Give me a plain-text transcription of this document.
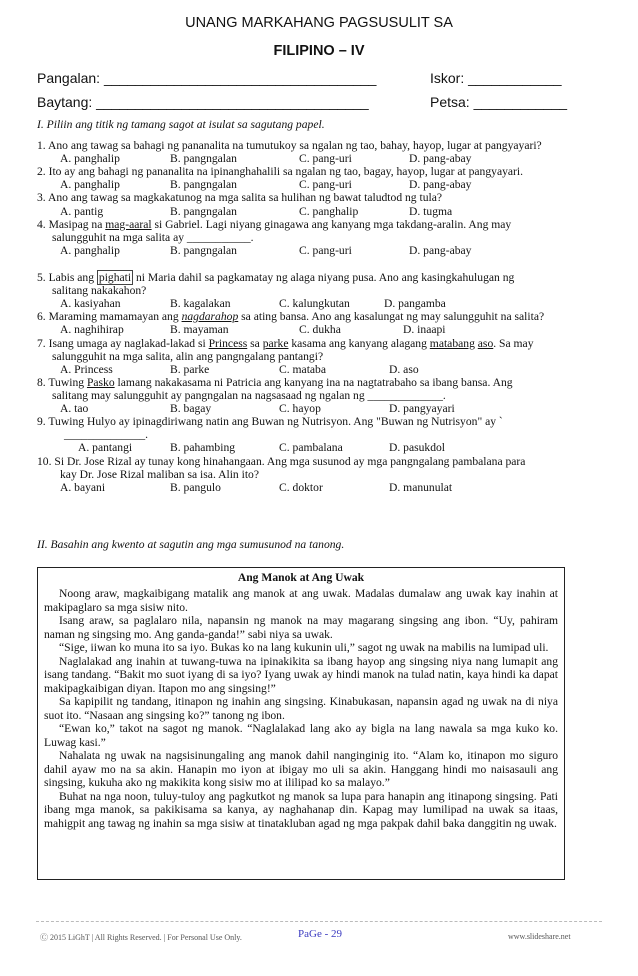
UNANG MARKAHANG PAGSUSULIT SA
FILIPINO – IV
Pangalan: ___________________________________	Iskor: ____________
Baytang: ___________________________________	Petsa: ____________
I. Piliin ang titik ng tamang sagot at isulat sa sagutang papel.
1. Ano ang tawag sa bahagi ng pananalita na tumutukoy sa ngalan ng tao, bahay, hayop, lugar at pangyayari?
A. panghalip	B. pangngalan	C. pang-uri	D. pang-abay
2. Ito ay ang bahagi ng pananalita na ipinanghahalili sa ngalan ng tao, bagay, hayop, lugar at pangyayari.
A. panghalip	B. pangngalan	C. pang-uri	D. pang-abay
3. Ano ang tawag sa magkakatunog na mga salita sa hulihan ng bawat taludtod ng tula?
A. pantig	B. pangngalan	C. panghalip	D. tugma
4. Masipag na mag-aaral si Gabriel. Lagi niyang ginagawa ang kanyang mga takdang-aralin. Ang may
salungguhit na mga salita ay ___________.
A. panghalip	B. pangngalan	C. pang-uri	D. pang-abay
5. Labis ang pighati ni Maria dahil sa pagkamatay ng alaga niyang pusa. Ano ang kasingkahulugan ng
salitang nakakahon?
A. kasiyahan	B. kagalakan	C. kalungkutan	D. pangamba
6. Maraming mamamayan ang nagdarahop sa ating bansa. Ano ang kasalungat ng may salungguhit na salita?
A. naghihirap	B. mayaman	C. dukha	D. inaapi
7. Isang umaga ay naglakad-lakad si Princess sa parke kasama ang kanyang alagang matabang aso. Sa may
salungguhit na mga salita, alin ang pangngalang pantangi?
A. Princess	B. parke	C. mataba	D. aso
8. Tuwing Pasko lamang nakakasama ni Patricia ang kanyang ina na nagtatrabaho sa ibang bansa. Ang
salitang may salungguhit ay pangngalan na nagsasaad ng ngalan ng _____________.
A. tao	B. bagay	C. hayop	D. pangyayari
9. Tuwing Hulyo ay ipinagdiriwang natin ang Buwan ng Nutrisyon. Ang "Buwan ng Nutrisyon" ay `
______________.
A. pantangi	B. pahambing	C. pambalana	D. pasukdol
10. Si Dr. Jose Rizal ay tunay kong hinahangaan. Ang mga susunod ay mga pangngalang pambalana para
kay Dr. Jose Rizal maliban sa isa. Alin ito?
A. bayani	B. pangulo	C. doktor	D. manunulat
II. Basahin ang kwento at sagutin ang mga sumusunod na tanong.
Ang Manok at Ang Uwak

Noong araw, magkaibigang matalik ang manok at ang uwak. Madalas dumalaw ang uwak kay inahin at makipaglaro sa mga sisiw nito.

Isang araw, sa paglalaro nila, napansin ng manok na may magarang singsing ang ibon. “Uy, pahiram naman ng singsing mo. Ang ganda-ganda!” sabi niya sa uwak.

“Sige, iiwan ko muna ito sa iyo. Bukas ko na lang kukunin uli,” sagot ng uwak na mabilis na lumipad uli.

Naglalakad ang inahin at tuwang-tuwa na ipinakikita sa ibang hayop ang singsing niya nang lumapit ang isang tandang. “Bakit mo suot iyang di sa iyo? Iyang uwak ay hindi manok na tulad natin, kaya hindi ka dapat makipagkaibigan diyan. Itapon mo ang singsing!”

Sa kapipilit ng tandang, itinapon ng inahin ang singsing. Kinabukasan, napansin agad ng uwak na di niya suot ito. “Nasaan ang singsing ko?” tanong ng ibon.

“Ewan ko,” takot na sagot ng manok. “Naglalakad lang ako ay bigla na lang nawala sa mga kuko ko. Luwag kasi.”

Nahalata ng uwak na nagsisinungaling ang manok dahil nanginginig ito. “Alam ko, itinapon mo siguro dahil ayaw mo na sa akin. Hanapin mo iyon at ibigay mo uli sa akin. Hanggang hindi mo naisasauli ang singsing, kukuha ako ng makikita kong sisiw mo at ililipad ko sa malayo.”

Buhat na nga noon, tuluy-tuloy ang pagkutkot ng manok sa lupa para hanapin ang itinapong singsing. Pati ibang mga manok, sa pakikisama sa kanya, ay naghahanap din. Kapag may lumilipad na uwak sa itaas, mahigpit ang tawag ng inahin sa mga sisiw at tinatakluban agad ng mga pakpak dahil baka danggitin ng uwak.

Ⓒ 2015 LiGhT | All Rights Reserved. | For Personal Use Only.	PaGe - 29	www.slideshare.net
